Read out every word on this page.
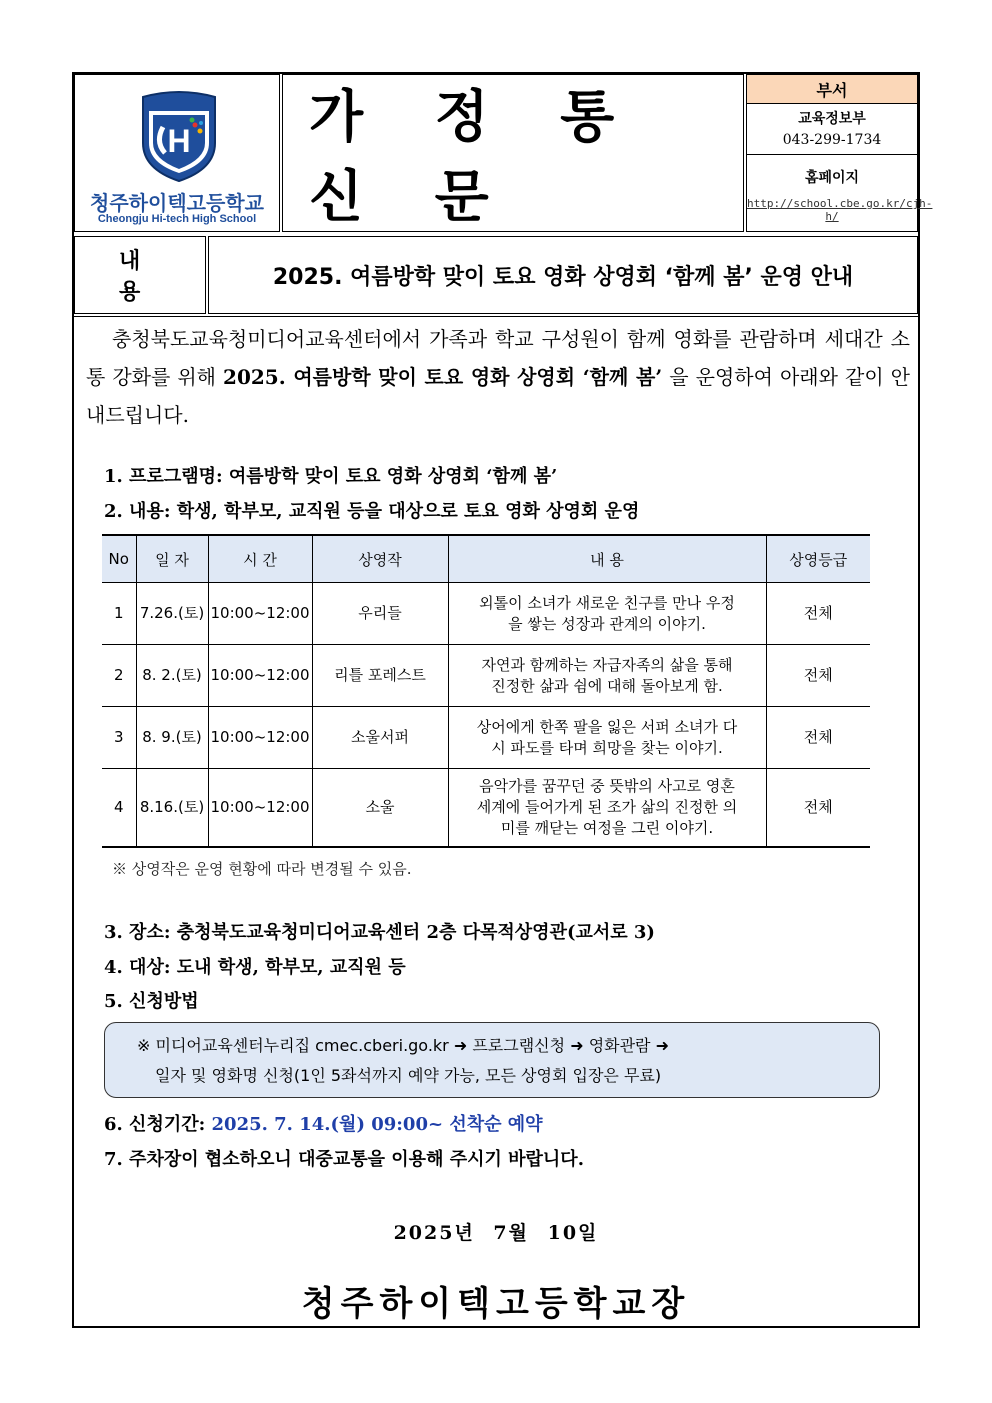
H
청주하이텍고등학교
Cheongju Hi-tech High School
가 정 통 신 문
부서
교육정보부
043-299-1734
홈페이지
http://school.cbe.go.kr/cjh-h/
내 용
2025. 여름방학 맞이 토요 영화 상영회 ‘함께 봄’ 운영 안내
충청북도교육청미디어교육센터에서 가족과 학교 구성원이 함께 영화를 관람하며 세대간 소통 강화를 위해 2025. 여름방학 맞이 토요 영화 상영회 ‘함께 봄’ 을 운영하여 아래와 같이 안내드립니다.
1. 프로그램명: 여름방학 맞이 토요 영화 상영회 ‘함께 봄’
2. 내용: 학생, 학부모, 교직원 등을 대상으로 토요 영화 상영회 운영
No	일 자	시 간	상영작	내 용	상영등급
1	7.26.(토)	10:00~12:00	우리들	외톨이 소녀가 새로운 친구를 만나 우정을 쌓는 성장과 관계의 이야기.	전체
2	8. 2.(토)	10:00~12:00	리틀 포레스트	자연과 함께하는 자급자족의 삶을 통해 진정한 삶과 쉼에 대해 돌아보게 함.	전체
3	8. 9.(토)	10:00~12:00	소울서퍼	상어에게 한쪽 팔을 잃은 서퍼 소녀가 다시 파도를 타며 희망을 찾는 이야기.	전체
4	8.16.(토)	10:00~12:00	소울	음악가를 꿈꾸던 중 뜻밖의 사고로 영혼 세계에 들어가게 된 조가 삶의 진정한 의미를 깨닫는 여정을 그린 이야기.	전체
※ 상영작은 운영 현황에 따라 변경될 수 있음.
3. 장소: 충청북도교육청미디어교육센터 2층 다목적상영관(교서로 3)
4. 대상: 도내 학생, 학부모, 교직원 등
5. 신청방법
※ 미디어교육센터누리집 cmec.cberi.go.kr ➜ 프로그램신청 ➜ 영화관람 ➜
일자 및 영화명 신청(1인 5좌석까지 예약 가능, 모든 상영회 입장은 무료)
6. 신청기간: 2025. 7. 14.(월) 09:00~ 선착순 예약
7. 주차장이 협소하오니 대중교통을 이용해 주시기 바랍니다.
2025년 7월 10일
청주하이텍고등학교장
